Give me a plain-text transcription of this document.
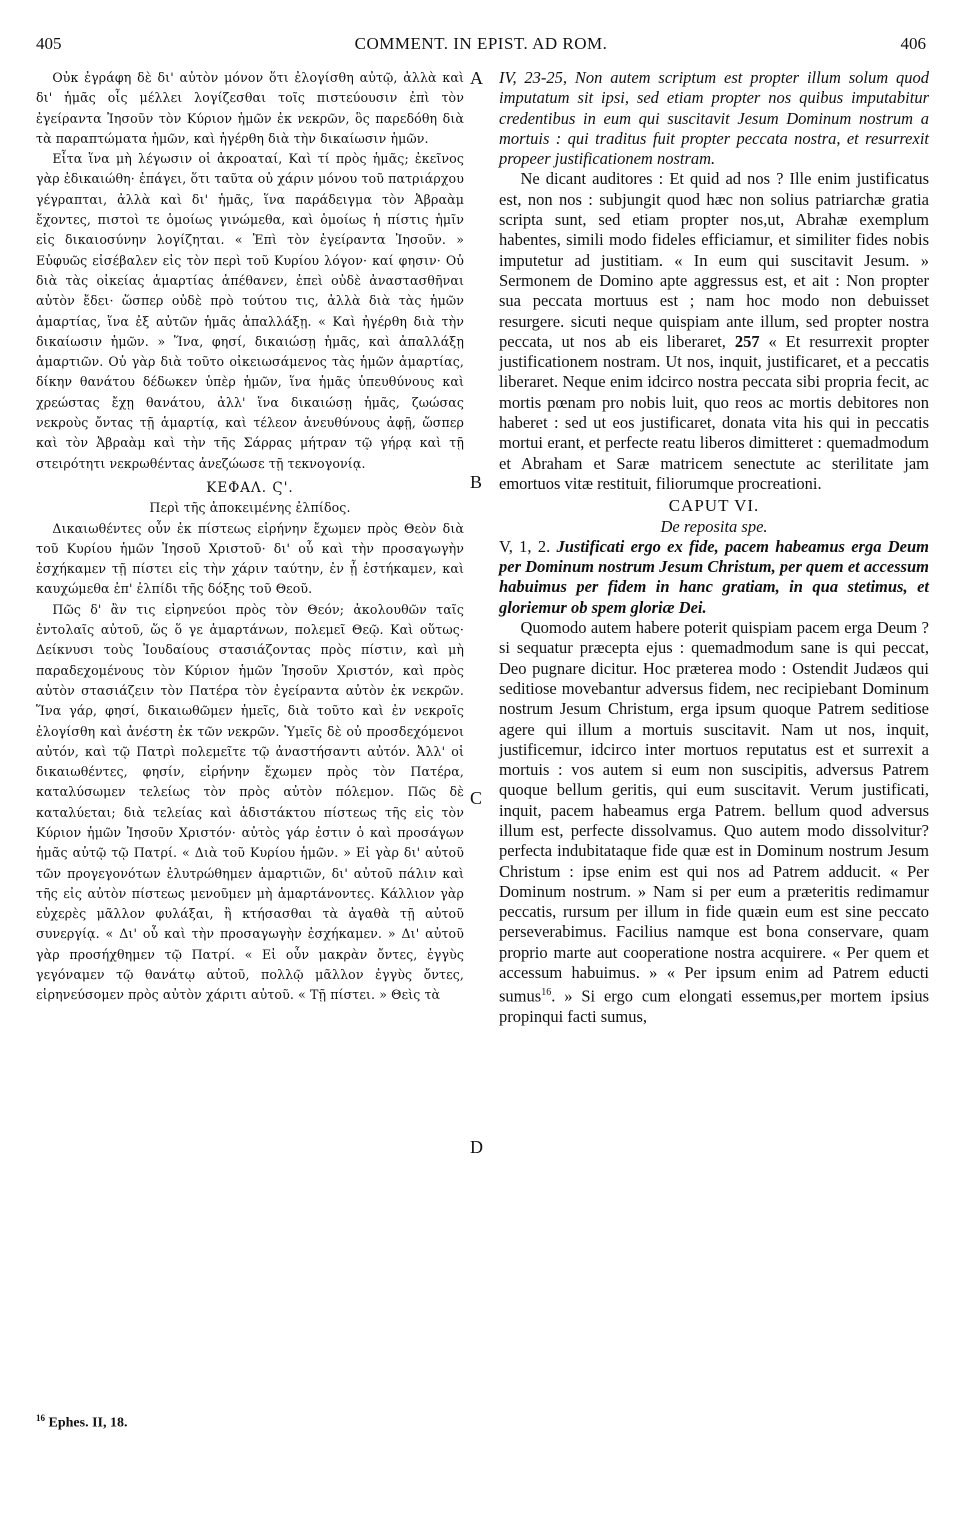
405	COMMENT. IN EPIST. AD ROM.	406
A
B
C
D

Οὐκ ἐγράφη δὲ δι' αὐτὸν μόνον ὅτι ἐλογίσθη αὐτῷ, ἀλλὰ καὶ δι' ἡμᾶς οἷς μέλλει λογίζεσθαι τοῖς πιστεύουσιν ἐπὶ τὸν ἐγείραντα Ἰησοῦν τὸν Κύριον ἡμῶν ἐκ νεκρῶν, ὃς παρεδόθη διὰ τὰ παραπτώματα ἡμῶν, καὶ ἠγέρθη διὰ τὴν δικαίωσιν ἡμῶν.

Εἶτα ἵνα μὴ λέγωσιν οἱ ἀκροαταί, Καὶ τί πρὸς ἡμᾶς; ἐκεῖνος γὰρ ἐδικαιώθη· ἐπάγει, ὅτι ταῦτα οὐ χάριν μόνου τοῦ πατριάρχου γέγραπται, ἀλλὰ καὶ δι' ἡμᾶς, ἵνα παράδειγμα τὸν Ἀβραὰμ ἔχοντες, πιστοὶ τε ὁμοίως γινώμεθα, καὶ ὁμοίως ἡ πίστις ἡμῖν εἰς δικαιοσύνην λογίζηται. « Ἐπὶ τὸν ἐγείραντα Ἰησοῦν. » Εὐφυῶς εἰσέβαλεν εἰς τὸν περὶ τοῦ Κυρίου λόγον· καί φησιν· Οὐ διὰ τὰς οἰκείας ἁμαρτίας ἀπέθανεν, ἐπεὶ οὐδὲ ἀναστασθῆναι αὐτὸν ἔδει· ὥσπερ οὐδὲ πρὸ τούτου τις, ἀλλὰ διὰ τὰς ἡμῶν ἁμαρτίας, ἵνα ἐξ αὐτῶν ἡμᾶς ἀπαλλάξῃ. « Καὶ ἠγέρθη διὰ τὴν δικαίωσιν ἡμῶν. » Ἵνα, φησί, δικαιώσῃ ἡμᾶς, καὶ ἀπαλλάξῃ ἁμαρτιῶν. Οὐ γὰρ διὰ τοῦτο οἰκειωσάμενος τὰς ἡμῶν ἁμαρτίας, δίκην θανάτου δέδωκεν ὑπὲρ ἡμῶν, ἵνα ἡμᾶς ὑπευθύνους καὶ χρεώστας ἔχῃ θανάτου, ἀλλ' ἵνα δικαιώσῃ ἡμᾶς, ζωώσας νεκροὺς ὄντας τῇ ἁμαρτίᾳ, καὶ τέλεον ἀνευθύνους ἀφῇ, ὥσπερ καὶ τὸν Ἀβραὰμ καὶ τὴν τῆς Σάρρας μήτραν τῷ γήρᾳ καὶ τῇ στειρότητι νεκρωθέντας ἀνεζώωσε τῇ τεκνογονίᾳ.

ΚΕΦΑΛ. Ϛ'.

Περὶ τῆς ἀποκειμένης ἐλπίδος.

Δικαιωθέντες οὖν ἐκ πίστεως εἰρήνην ἔχωμεν πρὸς Θεὸν διὰ τοῦ Κυρίου ἡμῶν Ἰησοῦ Χριστοῦ· δι' οὗ καὶ τὴν προσαγωγὴν ἐσχήκαμεν τῇ πίστει εἰς τὴν χάριν ταύτην, ἐν ᾗ ἑστήκαμεν, καὶ καυχώμεθα ἐπ' ἐλπίδι τῆς δόξης τοῦ Θεοῦ.

Πῶς δ' ἂν τις εἰρηνεύοι πρὸς τὸν Θεόν; ἀκολουθῶν ταῖς ἐντολαῖς αὐτοῦ, ὥς ὅ γε ἁμαρτάνων, πολεμεῖ Θεῷ. Καὶ οὕτως· Δείκνυσι τοὺς Ἰουδαίους στασιάζοντας πρὸς πίστιν, καὶ μὴ παραδεχομένους τὸν Κύριον ἡμῶν Ἰησοῦν Χριστόν, καὶ πρὸς αὐτὸν στασιάζειν τὸν Πατέρα τὸν ἐγείραντα αὐτὸν ἐκ νεκρῶν. Ἵνα γάρ, φησί, δικαιωθῶμεν ἡμεῖς, διὰ τοῦτο καὶ ἐν νεκροῖς ἐλογίσθη καὶ ἀνέστη ἐκ τῶν νεκρῶν. Ὑμεῖς δὲ οὐ προσδεχόμενοι αὐτόν, καὶ τῷ Πατρὶ πολεμεῖτε τῷ ἀναστήσαντι αὐτόν. Ἀλλ' οἱ δικαιωθέντες, φησίν, εἰρήνην ἔχωμεν πρὸς τὸν Πατέρα, καταλύσωμεν τελείως τὸν πρὸς αὐτὸν πόλεμον. Πῶς δὲ καταλύεται; διὰ τελείας καὶ ἀδιστάκτου πίστεως τῆς εἰς τὸν Κύριον ἡμῶν Ἰησοῦν Χριστόν· αὐτὸς γάρ ἐστιν ὁ καὶ προσάγων ἡμᾶς αὐτῷ τῷ Πατρί. « Διὰ τοῦ Κυρίου ἡμῶν. » Εἰ γὰρ δι' αὐτοῦ τῶν προγεγονότων ἐλυτρώθημεν ἁμαρτιῶν, δι' αὐτοῦ πάλιν καὶ τῆς εἰς αὐτὸν πίστεως μενοῦμεν μὴ ἁμαρτάνοντες. Κάλλιον γὰρ εὐχερὲς μᾶλλον φυλάξαι, ἢ κτήσασθαι τὰ ἀγαθὰ τῇ αὐτοῦ συνεργίᾳ. « Δι' οὗ καὶ τὴν προσαγωγὴν ἐσχήκαμεν. » Δι' αὐτοῦ γὰρ προσήχθημεν τῷ Πατρί. « Εἰ οὖν μακρὰν ὄντες, ἐγγὺς γεγόναμεν τῷ θανάτῳ αὐτοῦ, πολλῷ μᾶλλον ἐγγὺς ὄντες, εἰρηνεύσομεν πρὸς αὐτὸν χάριτι αὐτοῦ. « Τῇ πίστει. » Θεὶς τὰ

IV, 23-25, Non autem scriptum est propter illum solum quod imputatum sit ipsi, sed etiam propter nos quibus imputabitur credentibus in eum qui suscitavit Jesum Dominum nostrum a mortuis : qui traditus fuit propter peccata nostra, et resurrexit propeer justificationem nostram.

Ne dicant auditores : Et quid ad nos ? Ille enim justificatus est, non nos : subjungit quod hæc non solius patriarchæ gratia scripta sunt, sed etiam propter nos,ut, Abrahæ exemplum habentes, simili modo fideles efficiamur, et similiter fides nobis imputetur ad justitiam. « In eum qui suscitavit Jesum. » Sermonem de Domino apte aggressus est, et ait : Non propter sua peccata mortuus est ; nam hoc modo non debuisset resurgere. sicuti neque quispiam ante illum, sed propter nostra peccata, ut nos ab eis liberaret, 257 « Et resurrexit propter justificationem nostram. Ut nos, inquit, justificaret, et a peccatis liberaret. Neque enim idcirco nostra peccata sibi propria fecit, ac mortis pœnam pro nobis luit, quo reos ac mortis debitores non haberet : sed ut eos justificaret, donata vita his qui in peccatis mortui erant, et perfecte reatu liberos dimitteret : quemadmodum et Abraham et Saræ matricem senectute ac sterilitate jam emortuos vitæ restituit, filiorumque procreationi.

CAPUT VI.

De reposita spe.

V, 1, 2. Justificati ergo ex fide, pacem habeamus erga Deum per Dominum nostrum Jesum Christum, per quem et accessum habuimus per fidem in hanc gratiam, in qua stetimus, et gloriemur ob spem gloriæ Dei.

Quomodo autem habere poterit quispiam pacem erga Deum ? si sequatur præcepta ejus : quemadmodum sane is qui peccat, Deo pugnare dicitur. Hoc præterea modo : Ostendit Judæos qui seditiose movebantur adversus fidem, nec recipiebant Dominum nostrum Jesum Christum, erga ipsum quoque Patrem seditiose agere qui illum a mortuis suscitavit. Nam ut nos, inquit, justificemur, idcirco inter mortuos reputatus est et surrexit a mortuis : vos autem si eum non suscipitis, adversus Patrem quoque bellum geritis, qui eum suscitavit. Verum justificati, inquit, pacem habeamus erga Patrem. bellum quod adversus illum est, perfecte dissolvamus. Quo autem modo dissolvitur? perfecta indubitataque fide quæ est in Dominum nostrum Jesum Christum : ipse enim est qui nos ad Patrem adducit. « Per Dominum nostrum. » Nam si per eum a præteritis redimamur peccatis, rursum per illum in fide quæin eum est sine peccato perseverabimus. Facilius namque est bona conservare, quam proprio marte aut cooperatione nostra acquirere. « Per quem et accessum habuimus. » « Per ipsum enim ad Patrem educti sumus$^{16}$. » Si ergo cum elongati essemus,per mortem ipsius propinqui facti sumus,

$^{16}$ Ephes. II, 18.
